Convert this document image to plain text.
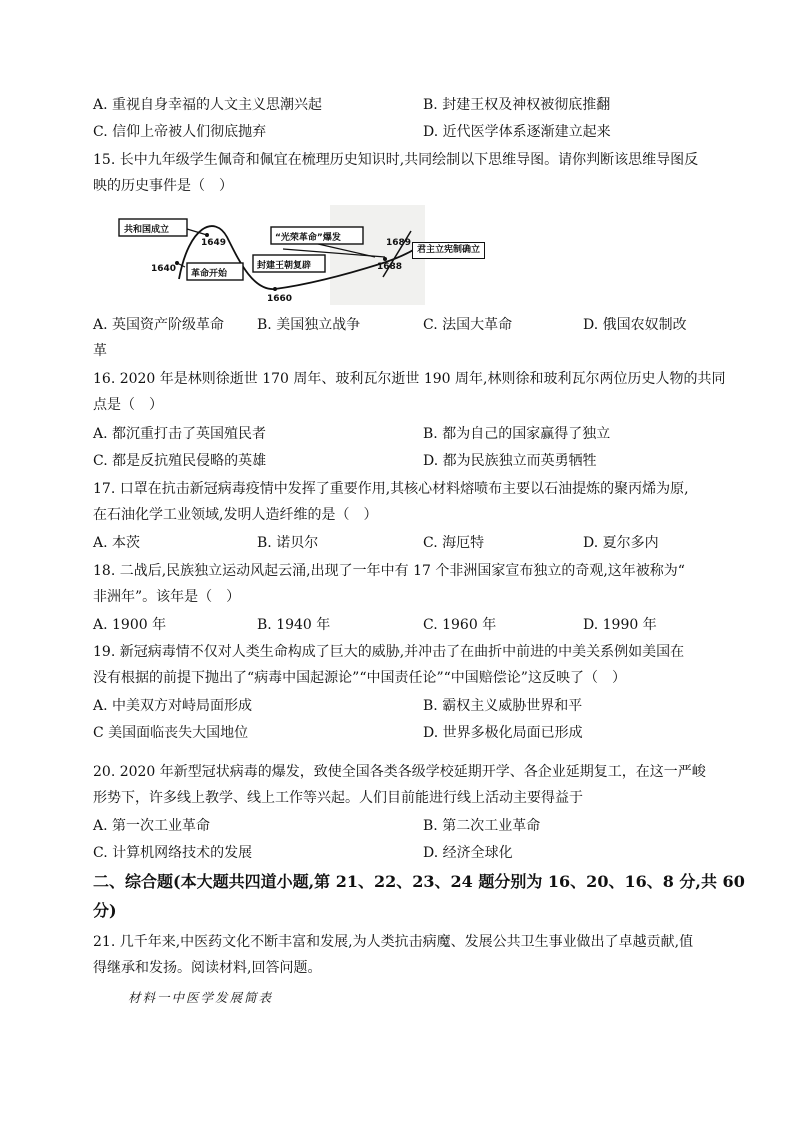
A. 重视自身幸福的人文主义思潮兴起	B. 封建王权及神权被彻底推翻
C. 信仰上帝被人们彻底抛弃	D. 近代医学体系逐渐建立起来
15. 长中九年级学生佩奇和佩宜在梳理历史知识时,共同绘制以下思维导图。请你判断该思维导图反
映的历史事件是（　）
共和国成立
革命开始
封建王朝复辟
“光荣革命”爆发
1640
1649
1660
1688
1689
君主立宪制确立
A. 英国资产阶级革命 B. 美国独立战争	C. 法国大革命	D. 俄国农奴制改
革
16. 2020 年是林则徐逝世 170 周年、玻利瓦尔逝世 190 周年,林则徐和玻利瓦尔两位历史人物的共同
点是（　）
A. 都沉重打击了英国殖民者	B. 都为自己的国家赢得了独立
C. 都是反抗殖民侵略的英雄	D. 都为民族独立而英勇牺牲
17. 口罩在抗击新冠病毒疫情中发挥了重要作用,其核心材料熔喷布主要以石油提炼的聚丙烯为原,
在石油化学工业领域,发明人造纤维的是（　）
A. 本茨	B. 诺贝尔	C. 海厄特	D. 夏尔多内
18. 二战后,民族独立运动风起云涌,出现了一年中有 17 个非洲国家宣布独立的奇观,这年被称为“
非洲年”。该年是（　）
A. 1900 年	B. 1940 年	C. 1960 年	D. 1990 年
19. 新冠病毒情不仅对人类生命构成了巨大的威胁,并冲击了在曲折中前进的中美关系例如美国在
没有根据的前提下抛出了“病毒中国起源论”“中国责任论”“中国赔偿论”这反映了（　）
A. 中美双方对峙局面形成	B. 霸权主义威胁世界和平
C 美国面临丧失大国地位	D. 世界多极化局面已形成
20. 2020 年新型冠状病毒的爆发，致使全国各类各级学校延期开学、各企业延期复工，在这一严峻
形势下，许多线上教学、线上工作等兴起。人们目前能进行线上活动主要得益于
A. 第一次工业革命	B. 第二次工业革命
C. 计算机网络技术的发展	D. 经济全球化
二、综合题(本大题共四道小题,第 21、22、23、24 题分别为 16、20、16、8 分,共 60
分)
21. 几千年来,中医药文化不断丰富和发展,为人类抗击病魔、发展公共卫生事业做出了卓越贡献,值
得继承和发扬。阅读材料,回答问题。
材料一中医学发展简表
